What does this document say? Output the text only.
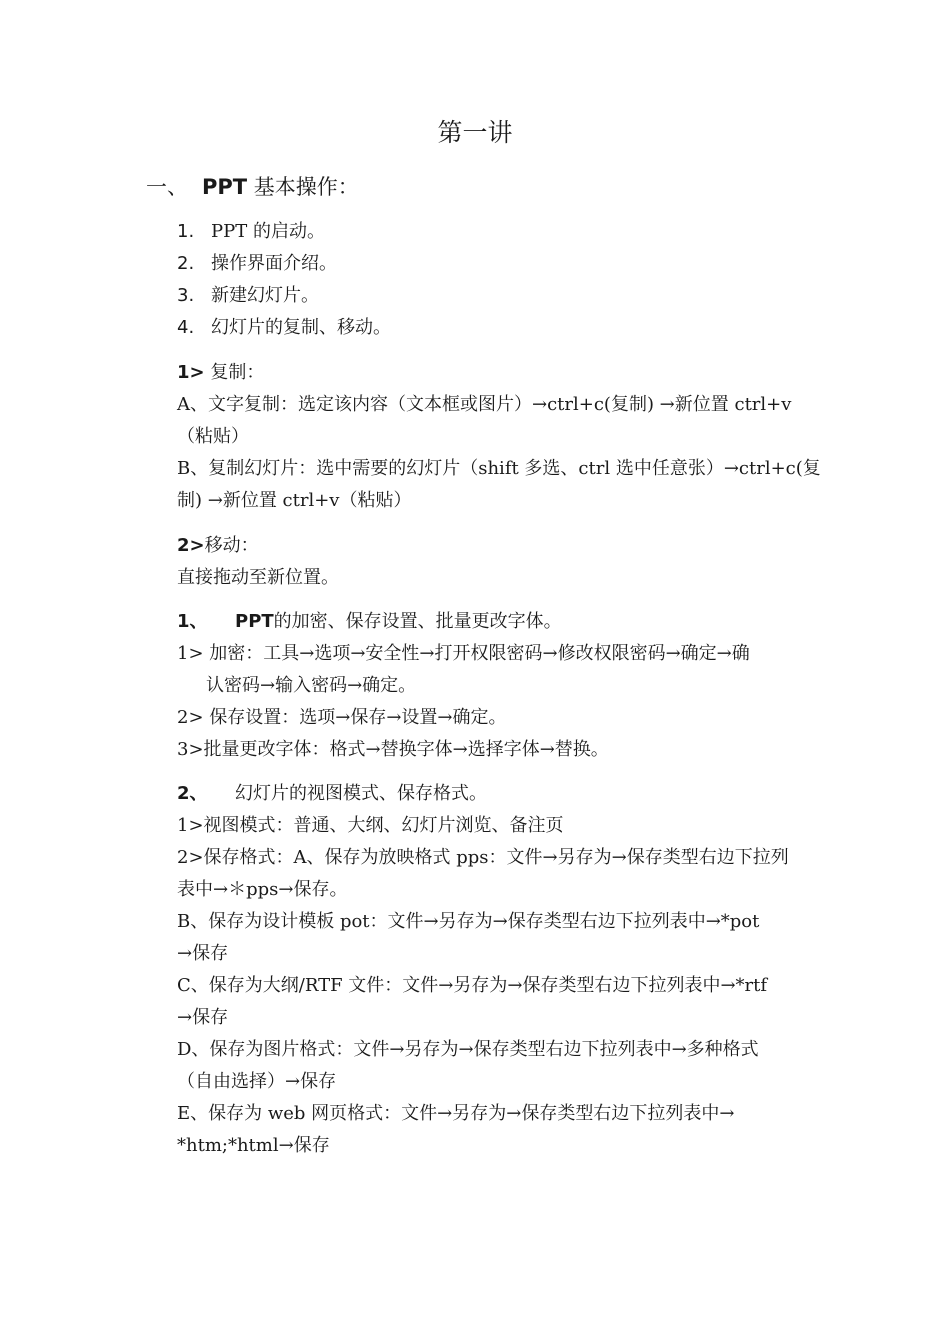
第一讲
一、 PPT 基本操作：
1. PPT 的启动。
2. 操作界面介绍。
3. 新建幻灯片。
4. 幻灯片的复制、移动。
1> 复制：
A、文字复制：选定该内容（文本框或图片）→ctrl+c(复制) →新位置 ctrl+v
（粘贴）
B、复制幻灯片：选中需要的幻灯片（shift 多选、ctrl 选中任意张）→ctrl+c(复
制) →新位置 ctrl+v（粘贴）
2>移动：
直接拖动至新位置。
1、 PPT的加密、保存设置、批量更改字体。
1> 加密：工具→选项→安全性→打开权限密码→修改权限密码→确定→确
认密码→输入密码→确定。
2> 保存设置：选项→保存→设置→确定。
3>批量更改字体：格式→替换字体→选择字体→替换。
2、 幻灯片的视图模式、保存格式。
1>视图模式：普通、大纲、幻灯片浏览、备注页
2>保存格式：A、保存为放映格式 pps：文件→另存为→保存类型右边下拉列
表中→＊pps→保存。
B、保存为设计模板 pot：文件→另存为→保存类型右边下拉列表中→*pot
→保存
C、保存为大纲/RTF 文件：文件→另存为→保存类型右边下拉列表中→*rtf
→保存
D、保存为图片格式：文件→另存为→保存类型右边下拉列表中→多种格式
（自由选择）→保存
E、保存为 web 网页格式：文件→另存为→保存类型右边下拉列表中→
*htm;*html→保存
